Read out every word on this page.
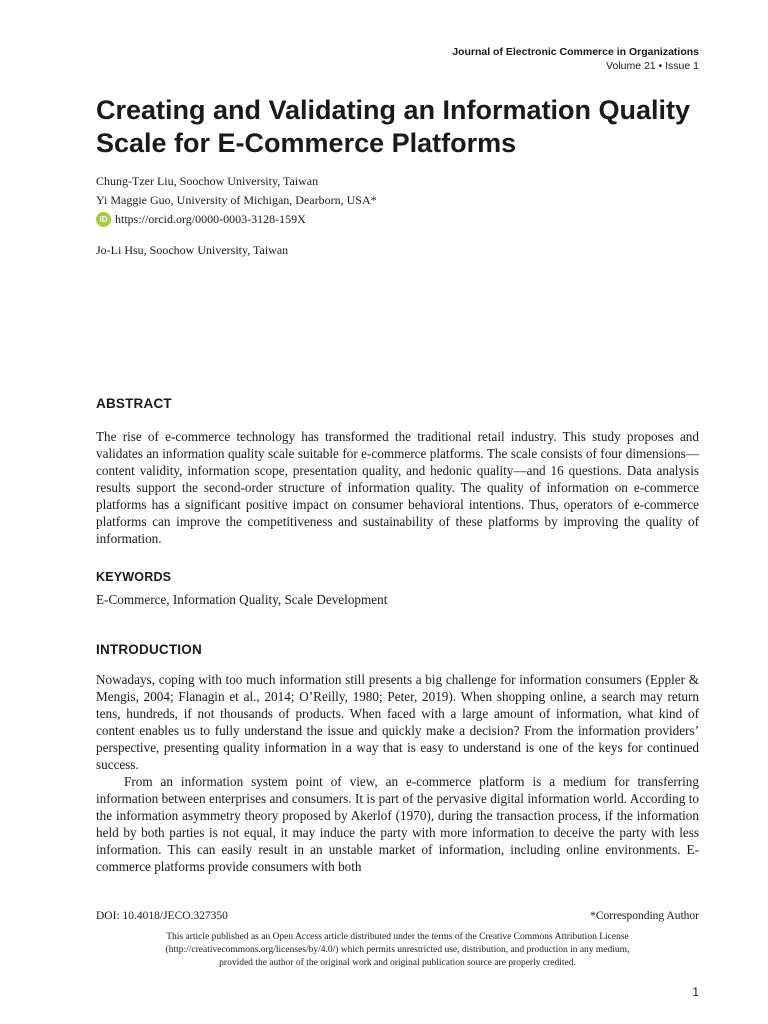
Journal of Electronic Commerce in Organizations
Volume 21 • Issue 1
Creating and Validating an Information Quality Scale for E-Commerce Platforms
Chung-Tzer Liu, Soochow University, Taiwan
Yi Maggie Guo, University of Michigan, Dearborn, USA*
iD https://orcid.org/0000-0003-3128-159X
Jo-Li Hsu, Soochow University, Taiwan
ABSTRACT

The rise of e-commerce technology has transformed the traditional retail industry. This study proposes and validates an information quality scale suitable for e-commerce platforms. The scale consists of four dimensions—content validity, information scope, presentation quality, and hedonic quality—and 16 questions. Data analysis results support the second-order structure of information quality. The quality of information on e-commerce platforms has a significant positive impact on consumer behavioral intentions. Thus, operators of e-commerce platforms can improve the competitiveness and sustainability of these platforms by improving the quality of information.

KEYWORDS

E-Commerce, Information Quality, Scale Development

INTRODUCTION

Nowadays, coping with too much information still presents a big challenge for information consumers (Eppler & Mengis, 2004; Flanagin et al., 2014; O’Reilly, 1980; Peter, 2019). When shopping online, a search may return tens, hundreds, if not thousands of products. When faced with a large amount of information, what kind of content enables us to fully understand the issue and quickly make a decision? From the information providers’ perspective, presenting quality information in a way that is easy to understand is one of the keys for continued success.

From an information system point of view, an e-commerce platform is a medium for transferring information between enterprises and consumers. It is part of the pervasive digital information world. According to the information asymmetry theory proposed by Akerlof (1970), during the transaction process, if the information held by both parties is not equal, it may induce the party with more information to deceive the party with less information. This can easily result in an unstable market of information, including online environments. E-commerce platforms provide consumers with both

DOI: 10.4018/JECO.327350	*Corresponding Author
This article published as an Open Access article distributed under the terms of the Creative Commons Attribution License
(http://creativecommons.org/licenses/by/4.0/) which permits unrestricted use, distribution, and production in any medium,
provided the author of the original work and original publication source are properly credited.
1
